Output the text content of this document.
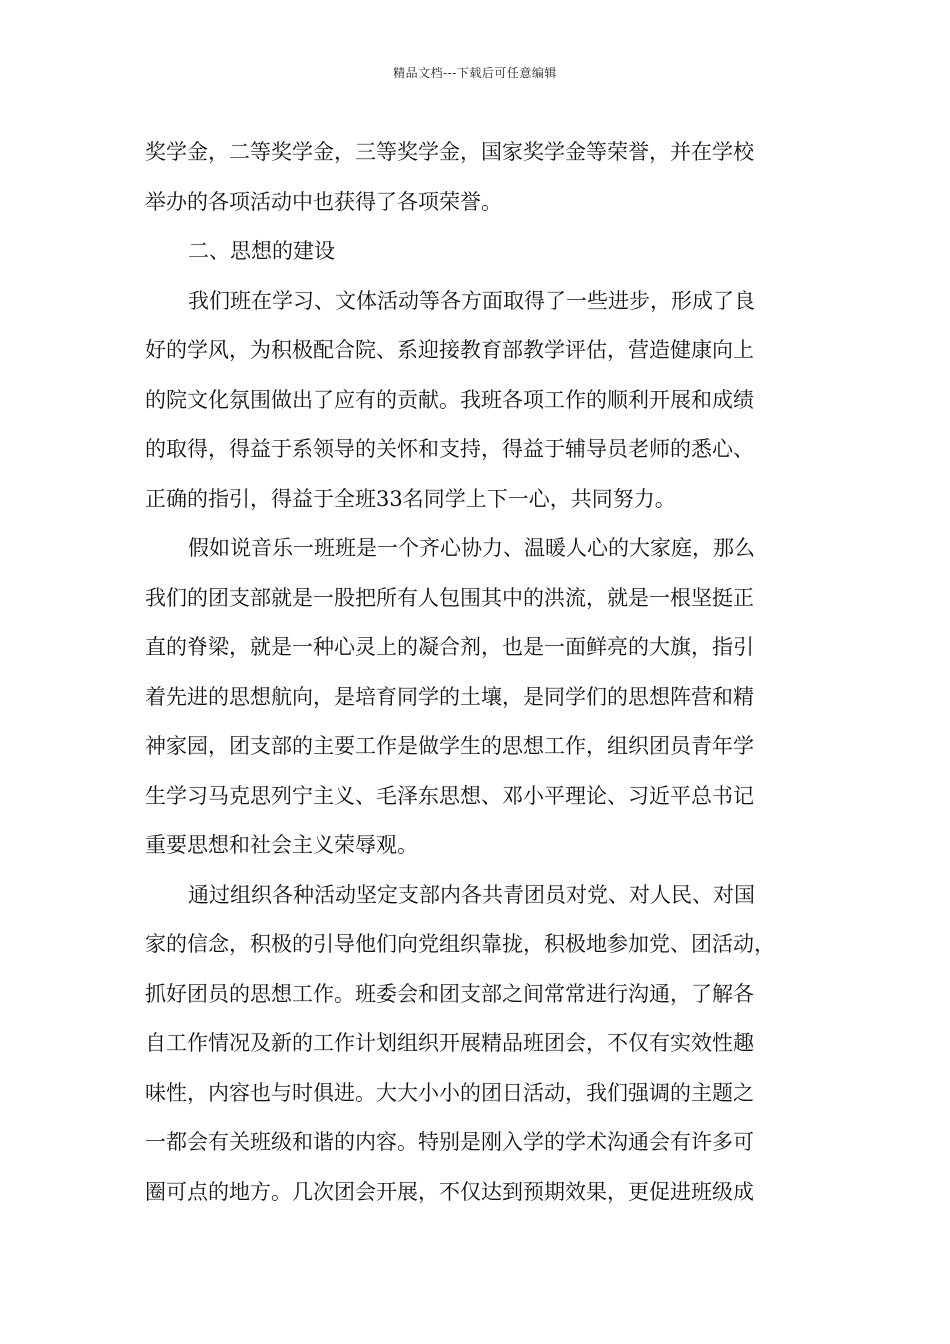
精品文档---下载后可任意编辑
奖学金，二等奖学金，三等奖学金，国家奖学金等荣誉，并在学校
举办的各项活动中也获得了各项荣誉。
二、思想的建设
我们班在学习、文体活动等各方面取得了一些进步，形成了良
好的学风，为积极配合院、系迎接教育部教学评估，营造健康向上
的院文化氛围做出了应有的贡献。我班各项工作的顺利开展和成绩
的取得，得益于系领导的关怀和支持，得益于辅导员老师的悉心、
正确的指引，得益于全班33名同学上下一心，共同努力。
假如说音乐一班班是一个齐心协力、温暖人心的大家庭，那么
我们的团支部就是一股把所有人包围其中的洪流，就是一根坚挺正
直的脊梁，就是一种心灵上的凝合剂，也是一面鲜亮的大旗，指引
着先进的思想航向，是培育同学的土壤，是同学们的思想阵营和精
神家园，团支部的主要工作是做学生的思想工作，组织团员青年学
生学习马克思列宁主义、毛泽东思想、邓小平理论、习近平总书记
重要思想和社会主义荣辱观。
通过组织各种活动坚定支部内各共青团员对党、对人民、对国
家的信念，积极的引导他们向党组织靠拢，积极地参加党、团活动，
抓好团员的思想工作。班委会和团支部之间常常进行沟通，了解各
自工作情况及新的工作计划组织开展精品班团会，不仅有实效性趣
味性，内容也与时俱进。大大小小的团日活动，我们强调的主题之
一都会有关班级和谐的内容。特别是刚入学的学术沟通会有许多可
圈可点的地方。几次团会开展，不仅达到预期效果，更促进班级成
